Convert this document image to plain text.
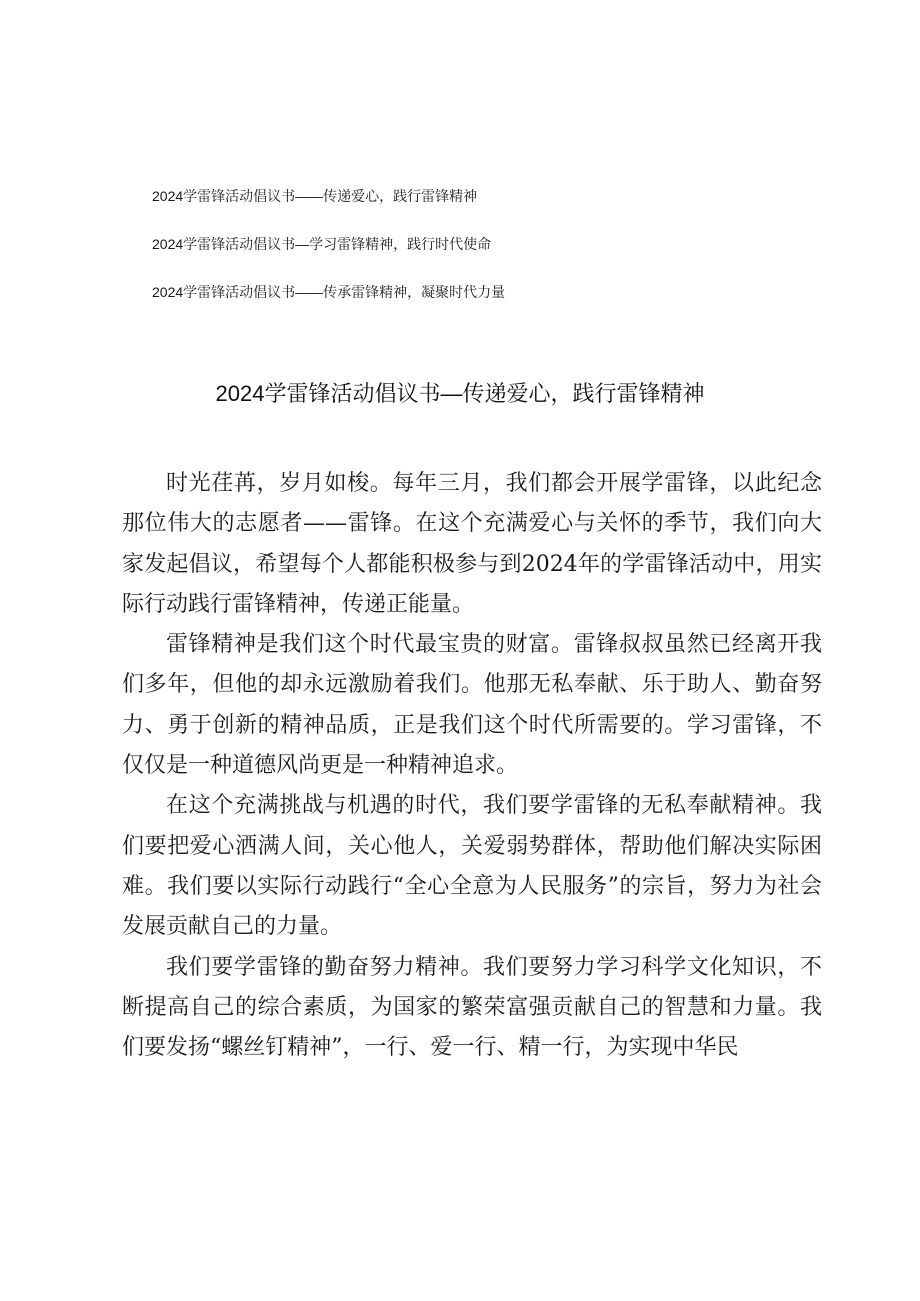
2024学雷锋活动倡议书——传递爱心，践行雷锋精神
2024学雷锋活动倡议书—学习雷锋精神，践行时代使命
2024学雷锋活动倡议书——传承雷锋精神，凝聚时代力量
2024学雷锋活动倡议书—传递爱心，践行雷锋精神

时光荏苒，岁月如梭。每年三月，我们都会开展学雷锋，以此纪念那位伟大的志愿者——雷锋。在这个充满爱心与关怀的季节，我们向大家发起倡议，希望每个人都能积极参与到2024年的学雷锋活动中，用实际行动践行雷锋精神，传递正能量。

雷锋精神是我们这个时代最宝贵的财富。雷锋叔叔虽然已经离开我们多年，但他的却永远激励着我们。他那无私奉献、乐于助人、勤奋努力、勇于创新的精神品质，正是我们这个时代所需要的。学习雷锋，不仅仅是一种道德风尚更是一种精神追求。

在这个充满挑战与机遇的时代，我们要学雷锋的无私奉献精神。我们要把爱心洒满人间，关心他人，关爱弱势群体，帮助他们解决实际困难。我们要以实际行动践行“全心全意为人民服务”的宗旨，努力为社会发展贡献自己的力量。

我们要学雷锋的勤奋努力精神。我们要努力学习科学文化知识，不断提高自己的综合素质，为国家的繁荣富强贡献自己的智慧和力量。我们要发扬“螺丝钉精神”，一行、爱一行、精一行，为实现中华民
